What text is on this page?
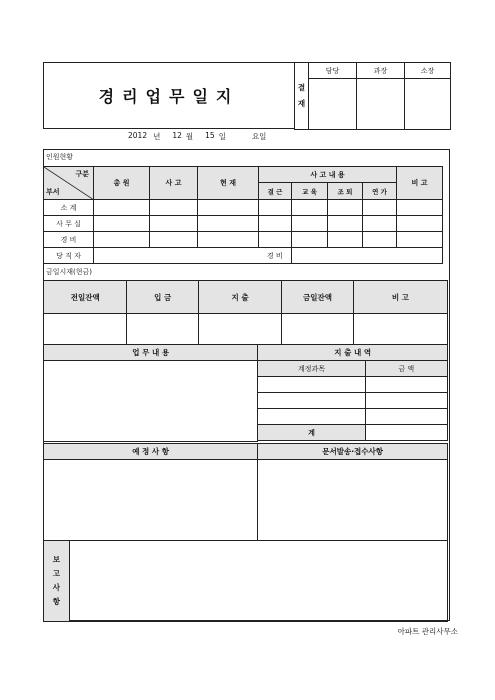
경리업무일지	결
재	담당	과장	소장

2012 년 12 월 15 일	요일
인원현황
구분
부서	총 원	사 고	현 재	사 고 내 용				비 고
				결 근	교 육	조 퇴	연 가	
소 계								
사 무 실								
경 비								
당 직 자				경 비				
금일시재(현금)
전일잔액	입 금	지 출	금일잔액	비 고

업 무 내 용	지 출 내 역	
	계정과목	금 액

	계	

예 정 사 항	문서발송·접수사항

보
고
사
항

아파트 관리사무소
